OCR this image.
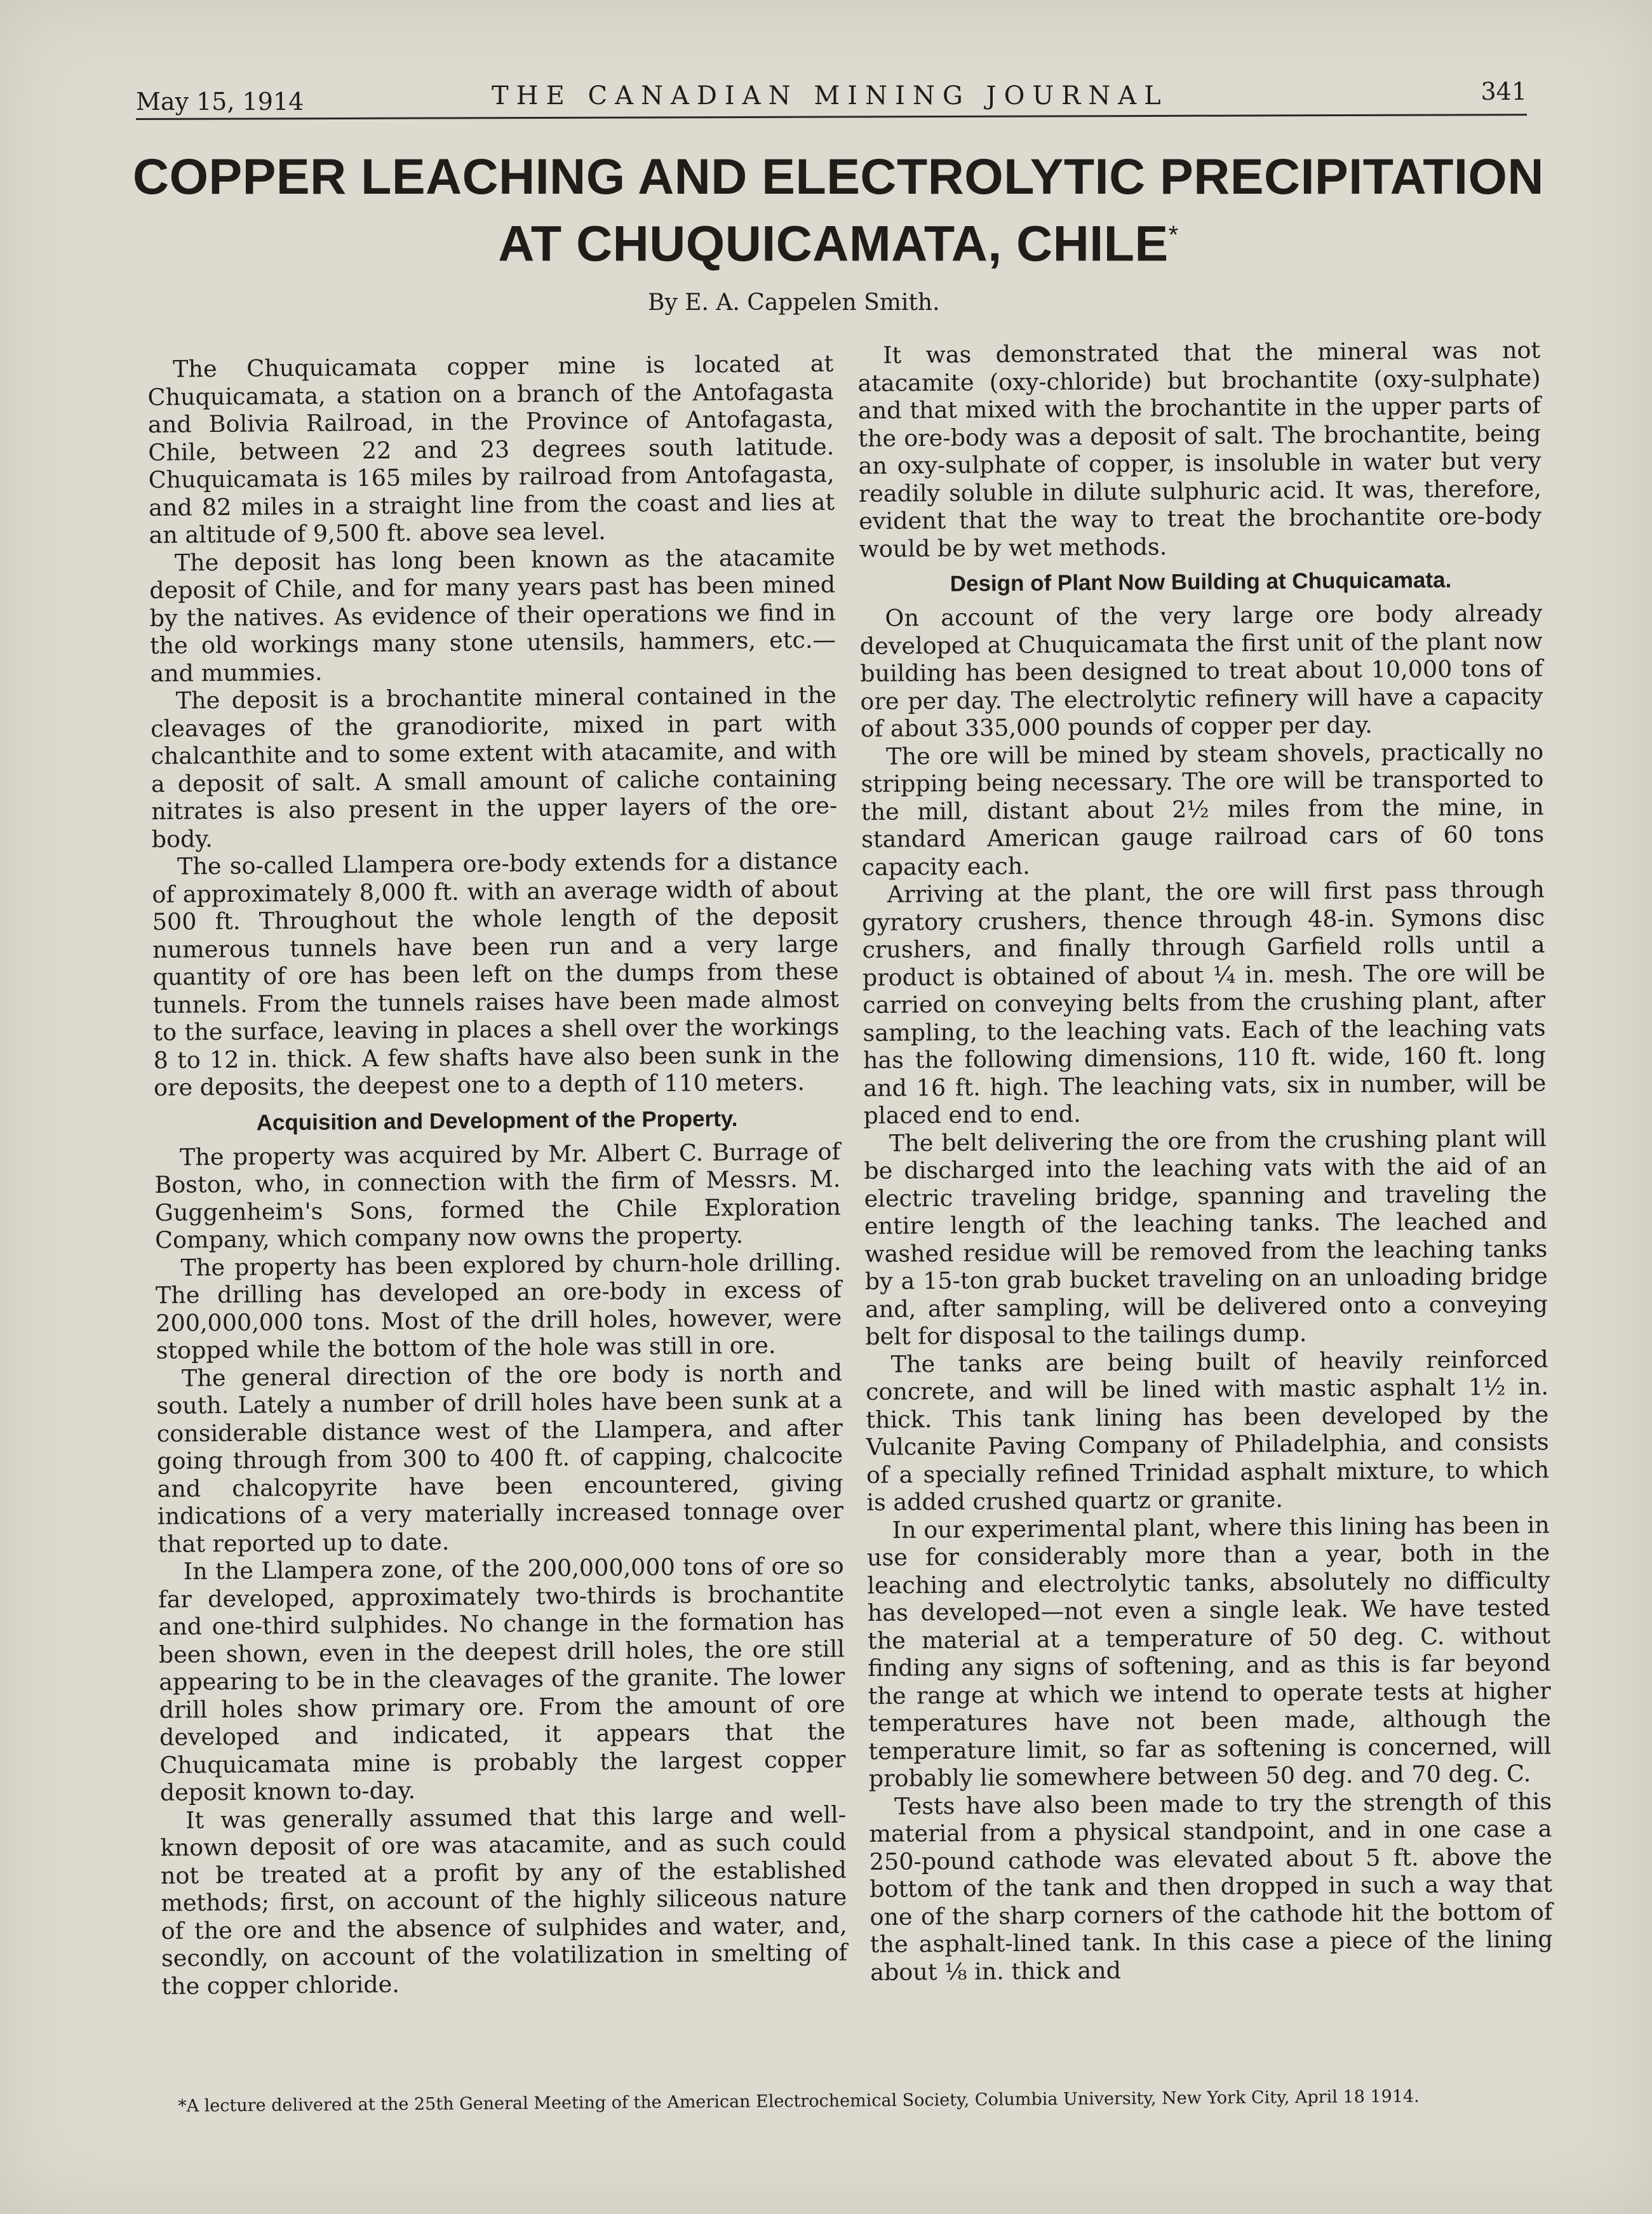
May 15, 1914	THE CANADIAN MINING JOURNAL	341
COPPER LEACHING AND ELECTROLYTIC PRECIPITATION
AT CHUQUICAMATA, CHILE*
By E. A. Cappelen Smith.

The Chuquicamata copper mine is located at Chuquicamata, a station on a branch of the Antofagasta and Bolivia Railroad, in the Province of Antofagasta, Chile, between 22 and 23 degrees south latitude. Chuquicamata is 165 miles by railroad from Antofagasta, and 82 miles in a straight line from the coast and lies at an altitude of 9,500 ft. above sea level.

The deposit has long been known as the atacamite deposit of Chile, and for many years past has been mined by the natives. As evidence of their operations we find in the old workings many stone utensils, hammers, etc.—and mummies.

The deposit is a brochantite mineral contained in the cleavages of the granodiorite, mixed in part with chalcanthite and to some extent with atacamite, and with a deposit of salt. A small amount of caliche containing nitrates is also present in the upper layers of the ore-body.

The so-called Llampera ore-body extends for a distance of approximately 8,000 ft. with an average width of about 500 ft. Throughout the whole length of the deposit numerous tunnels have been run and a very large quantity of ore has been left on the dumps from these tunnels. From the tunnels raises have been made almost to the surface, leaving in places a shell over the workings 8 to 12 in. thick. A few shafts have also been sunk in the ore deposits, the deepest one to a depth of 110 meters.

Acquisition and Development of the Property.

The property was acquired by Mr. Albert C. Burrage of Boston, who, in connection with the firm of Messrs. M. Guggenheim's Sons, formed the Chile Exploration Company, which company now owns the property.

The property has been explored by churn-hole drilling. The drilling has developed an ore-body in excess of 200,000,000 tons. Most of the drill holes, however, were stopped while the bottom of the hole was still in ore.

The general direction of the ore body is north and south. Lately a number of drill holes have been sunk at a considerable distance west of the Llampera, and after going through from 300 to 400 ft. of capping, chalcocite and chalcopyrite have been encountered, giving indications of a very materially increased tonnage over that reported up to date.

In the Llampera zone, of the 200,000,000 tons of ore so far developed, approximately two-thirds is brochantite and one-third sulphides. No change in the formation has been shown, even in the deepest drill holes, the ore still appearing to be in the cleavages of the granite. The lower drill holes show primary ore. From the amount of ore developed and indicated, it appears that the Chuquicamata mine is probably the largest copper deposit known to-day.

It was generally assumed that this large and well-known deposit of ore was atacamite, and as such could not be treated at a profit by any of the established methods; first, on account of the highly siliceous nature of the ore and the absence of sulphides and water, and, secondly, on account of the volatilization in smelting of the copper chloride.

It was demonstrated that the mineral was not atacamite (oxy-chloride) but brochantite (oxy-sulphate) and that mixed with the brochantite in the upper parts of the ore-body was a deposit of salt. The brochantite, being an oxy-sulphate of copper, is insoluble in water but very readily soluble in dilute sulphuric acid. It was, therefore, evident that the way to treat the brochantite ore-body would be by wet methods.

Design of Plant Now Building at Chuquicamata.

On account of the very large ore body already developed at Chuquicamata the first unit of the plant now building has been designed to treat about 10,000 tons of ore per day. The electrolytic refinery will have a capacity of about 335,000 pounds of copper per day.

The ore will be mined by steam shovels, practically no stripping being necessary. The ore will be transported to the mill, distant about 2½ miles from the mine, in standard American gauge railroad cars of 60 tons capacity each.

Arriving at the plant, the ore will first pass through gyratory crushers, thence through 48-in. Symons disc crushers, and finally through Garfield rolls until a product is obtained of about ¼ in. mesh. The ore will be carried on conveying belts from the crushing plant, after sampling, to the leaching vats. Each of the leaching vats has the following dimensions, 110 ft. wide, 160 ft. long and 16 ft. high. The leaching vats, six in number, will be placed end to end.

The belt delivering the ore from the crushing plant will be discharged into the leaching vats with the aid of an electric traveling bridge, spanning and traveling the entire length of the leaching tanks. The leached and washed residue will be removed from the leaching tanks by a 15-ton grab bucket traveling on an unloading bridge and, after sampling, will be delivered onto a conveying belt for disposal to the tailings dump.

The tanks are being built of heavily reinforced concrete, and will be lined with mastic asphalt 1½ in. thick. This tank lining has been developed by the Vulcanite Paving Company of Philadelphia, and consists of a specially refined Trinidad asphalt mixture, to which is added crushed quartz or granite.

In our experimental plant, where this lining has been in use for considerably more than a year, both in the leaching and electrolytic tanks, absolutely no difficulty has developed—not even a single leak. We have tested the material at a temperature of 50 deg. C. without finding any signs of softening, and as this is far beyond the range at which we intend to operate tests at higher temperatures have not been made, although the temperature limit, so far as softening is concerned, will probably lie somewhere between 50 deg. and 70 deg. C.

Tests have also been made to try the strength of this material from a physical standpoint, and in one case a 250-pound cathode was elevated about 5 ft. above the bottom of the tank and then dropped in such a way that one of the sharp corners of the cathode hit the bottom of the asphalt-lined tank. In this case a piece of the lining about ⅛ in. thick and

*A lecture delivered at the 25th General Meeting of the American Electrochemical Society, Columbia University, New York City, April 18 1914.
